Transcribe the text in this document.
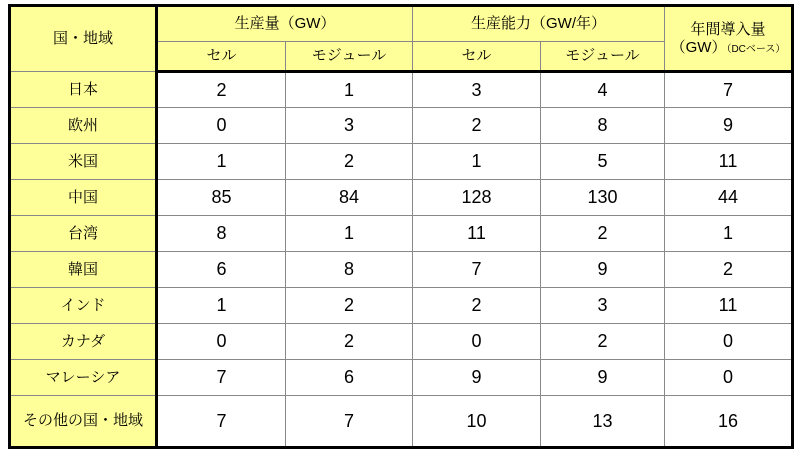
国・地域	生産量（GW）		生産能力（GW/年）		年間導入量（GW）（DCベース）
	セル	モジュール	セル	モジュール	
日本	2	1	3	4	7
欧州	0	3	2	8	9
米国	1	2	1	5	11
中国	85	84	128	130	44
台湾	8	1	11	2	1
韓国	6	8	7	9	2
インド	1	2	2	3	11
カナダ	0	2	0	2	0
マレーシア	7	6	9	9	0
その他の国・地域	7	7	10	13	16
